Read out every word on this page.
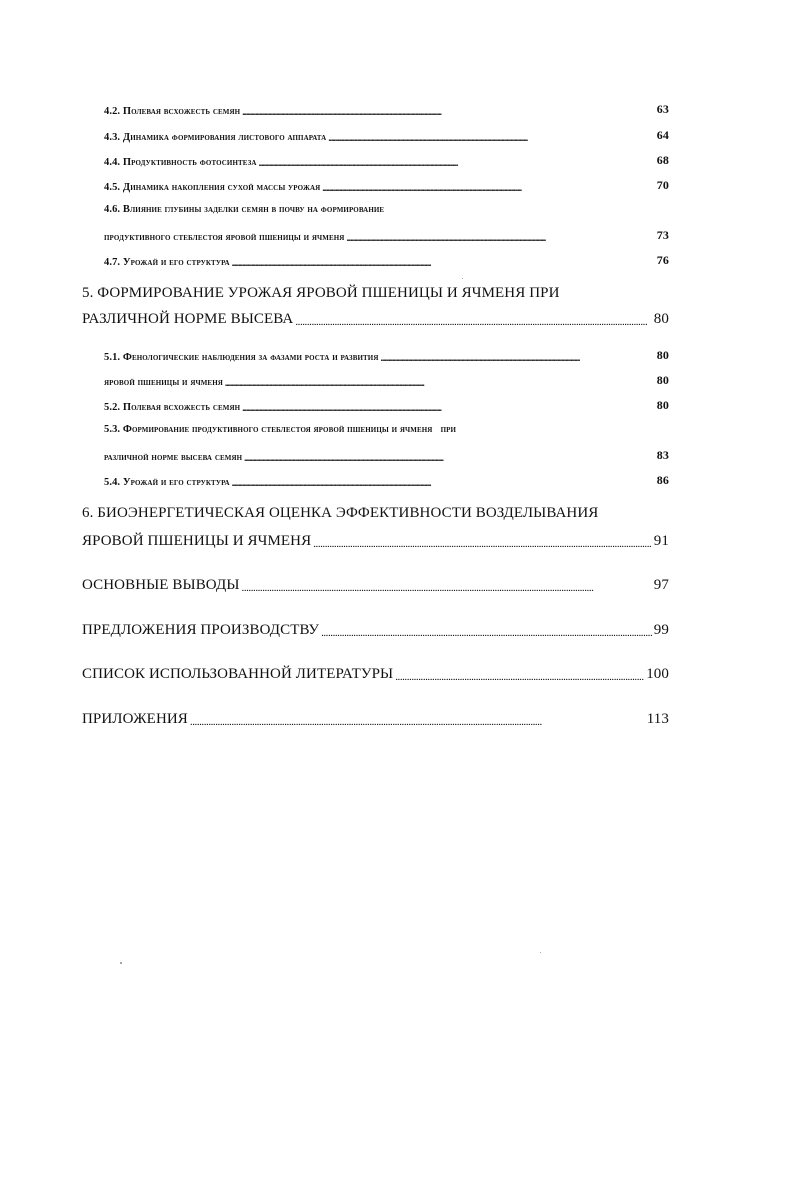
4.2. Полевая всхожесть семян . . .	63
4.3. Динамика формирования листового аппарата . . .	64
4.4. Продуктивность фотосинтеза . . .	68
4.5. Динамика накопления сухой массы урожая . . .	70
4.6. Влияние глубины заделки семян в почву на формирование
продуктивного стеблестоя яровой пшеницы и ячменя . . .	73
4.7. Урожай и его структура . . .	76
5. ФОРМИРОВАНИЕ УРОЖАЯ ЯРОВОЙ ПШЕНИЦЫ И ЯЧМЕНЯ ПРИ
РАЗЛИЧНОЙ НОРМЕ ВЫСЕВА . . .	80
5.1. Фенологические наблюдения за фазами роста и развития . . .	80
яровой пшеницы и ячменя . . .	80
5.2. Полевая всхожесть семян . . .	80
5.3. Формирование продуктивного стеблестоя яровой пшеницы и ячменя   при
различной норме высева семян . . .	83
5.4. Урожай и его структура . . .	86
6. БИОЭНЕРГЕТИЧЕСКАЯ ОЦЕНКА ЭФФЕКТИВНОСТИ ВОЗДЕЛЫВАНИЯ
ЯРОВОЙ ПШЕНИЦЫ И ЯЧМЕНЯ . . .	91
ОСНОВНЫЕ ВЫВОДЫ . . .	97
ПРЕДЛОЖЕНИЯ ПРОИЗВОДСТВУ . . .	99
СПИСОК ИСПОЛЬЗОВАННОЙ ЛИТЕРАТУРЫ . . .	100
ПРИЛОЖЕНИЯ . . .	113
